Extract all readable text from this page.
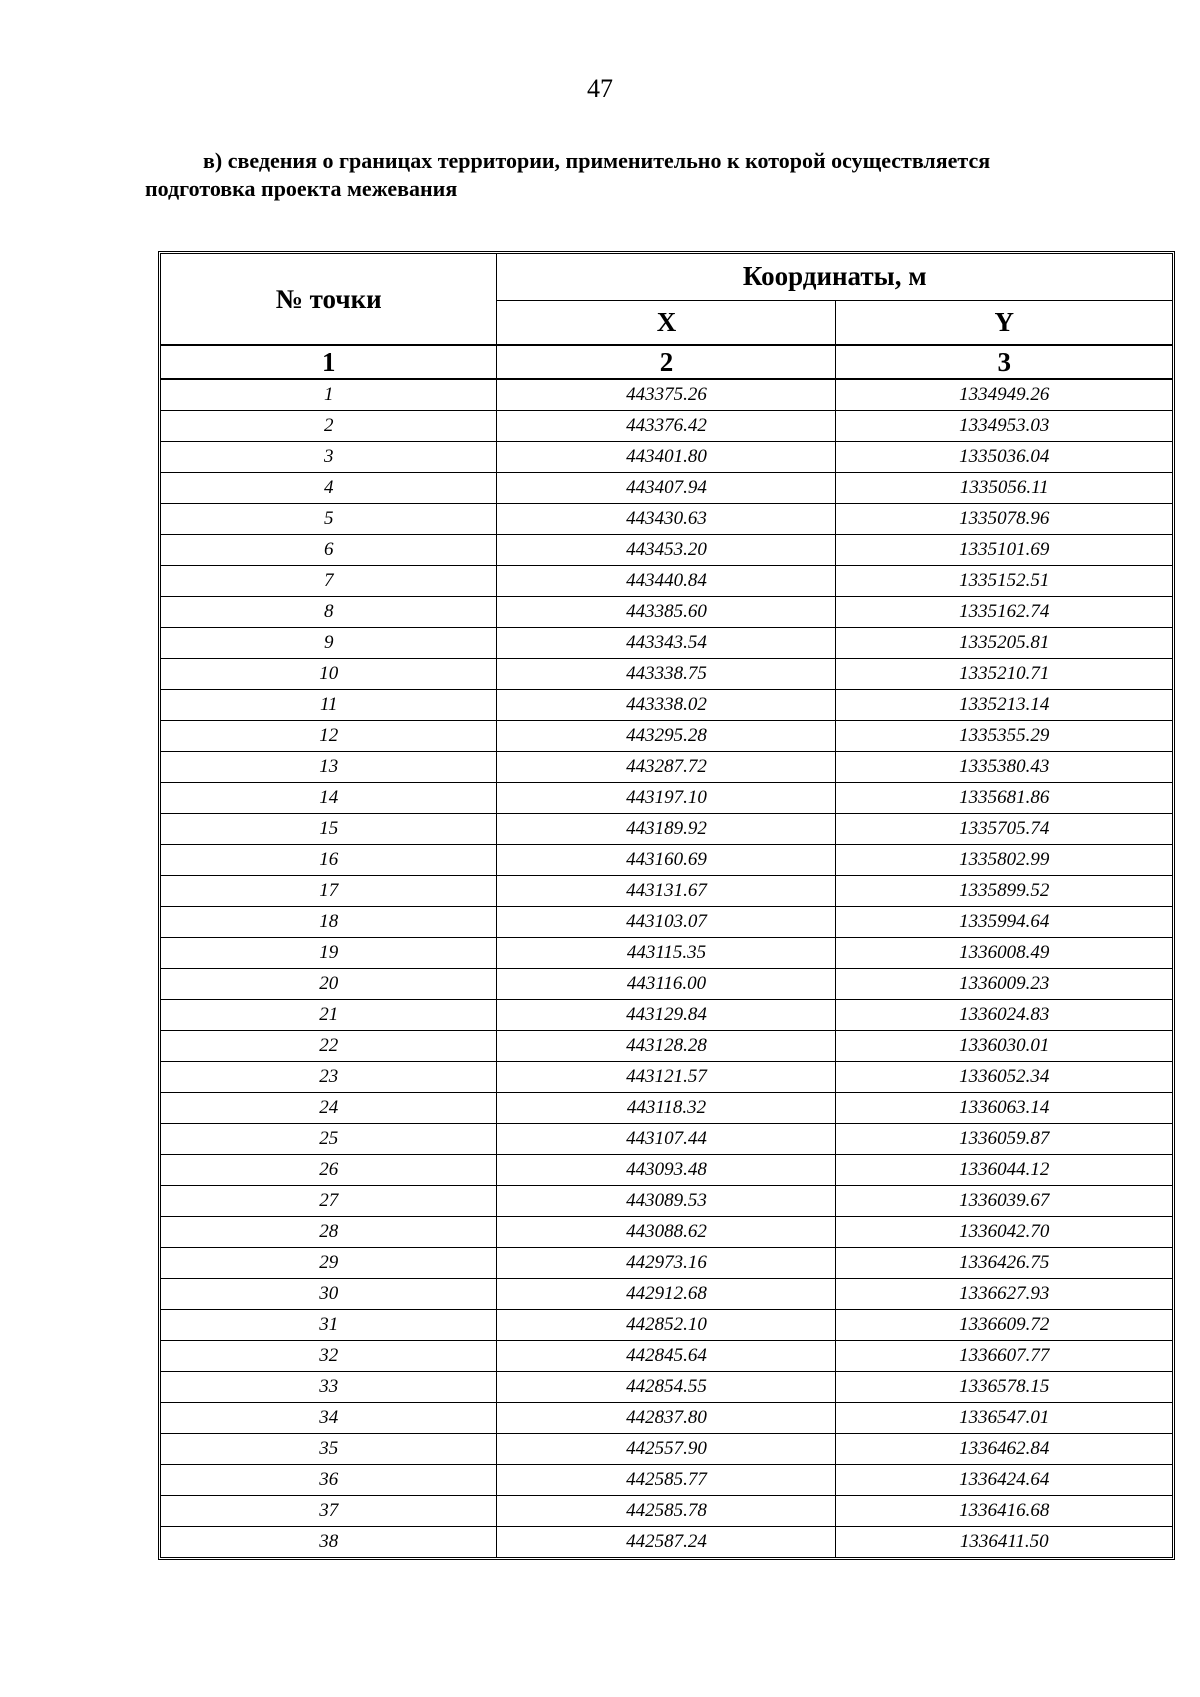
47
в) сведения о границах территории, применительно к которой осуществляется подготовка проекта межевания
№ точки	Координаты, м	
	X	Y
1	2	3
1	443375.26	1334949.26
2	443376.42	1334953.03
3	443401.80	1335036.04
4	443407.94	1335056.11
5	443430.63	1335078.96
6	443453.20	1335101.69
7	443440.84	1335152.51
8	443385.60	1335162.74
9	443343.54	1335205.81
10	443338.75	1335210.71
11	443338.02	1335213.14
12	443295.28	1335355.29
13	443287.72	1335380.43
14	443197.10	1335681.86
15	443189.92	1335705.74
16	443160.69	1335802.99
17	443131.67	1335899.52
18	443103.07	1335994.64
19	443115.35	1336008.49
20	443116.00	1336009.23
21	443129.84	1336024.83
22	443128.28	1336030.01
23	443121.57	1336052.34
24	443118.32	1336063.14
25	443107.44	1336059.87
26	443093.48	1336044.12
27	443089.53	1336039.67
28	443088.62	1336042.70
29	442973.16	1336426.75
30	442912.68	1336627.93
31	442852.10	1336609.72
32	442845.64	1336607.77
33	442854.55	1336578.15
34	442837.80	1336547.01
35	442557.90	1336462.84
36	442585.77	1336424.64
37	442585.78	1336416.68
38	442587.24	1336411.50
